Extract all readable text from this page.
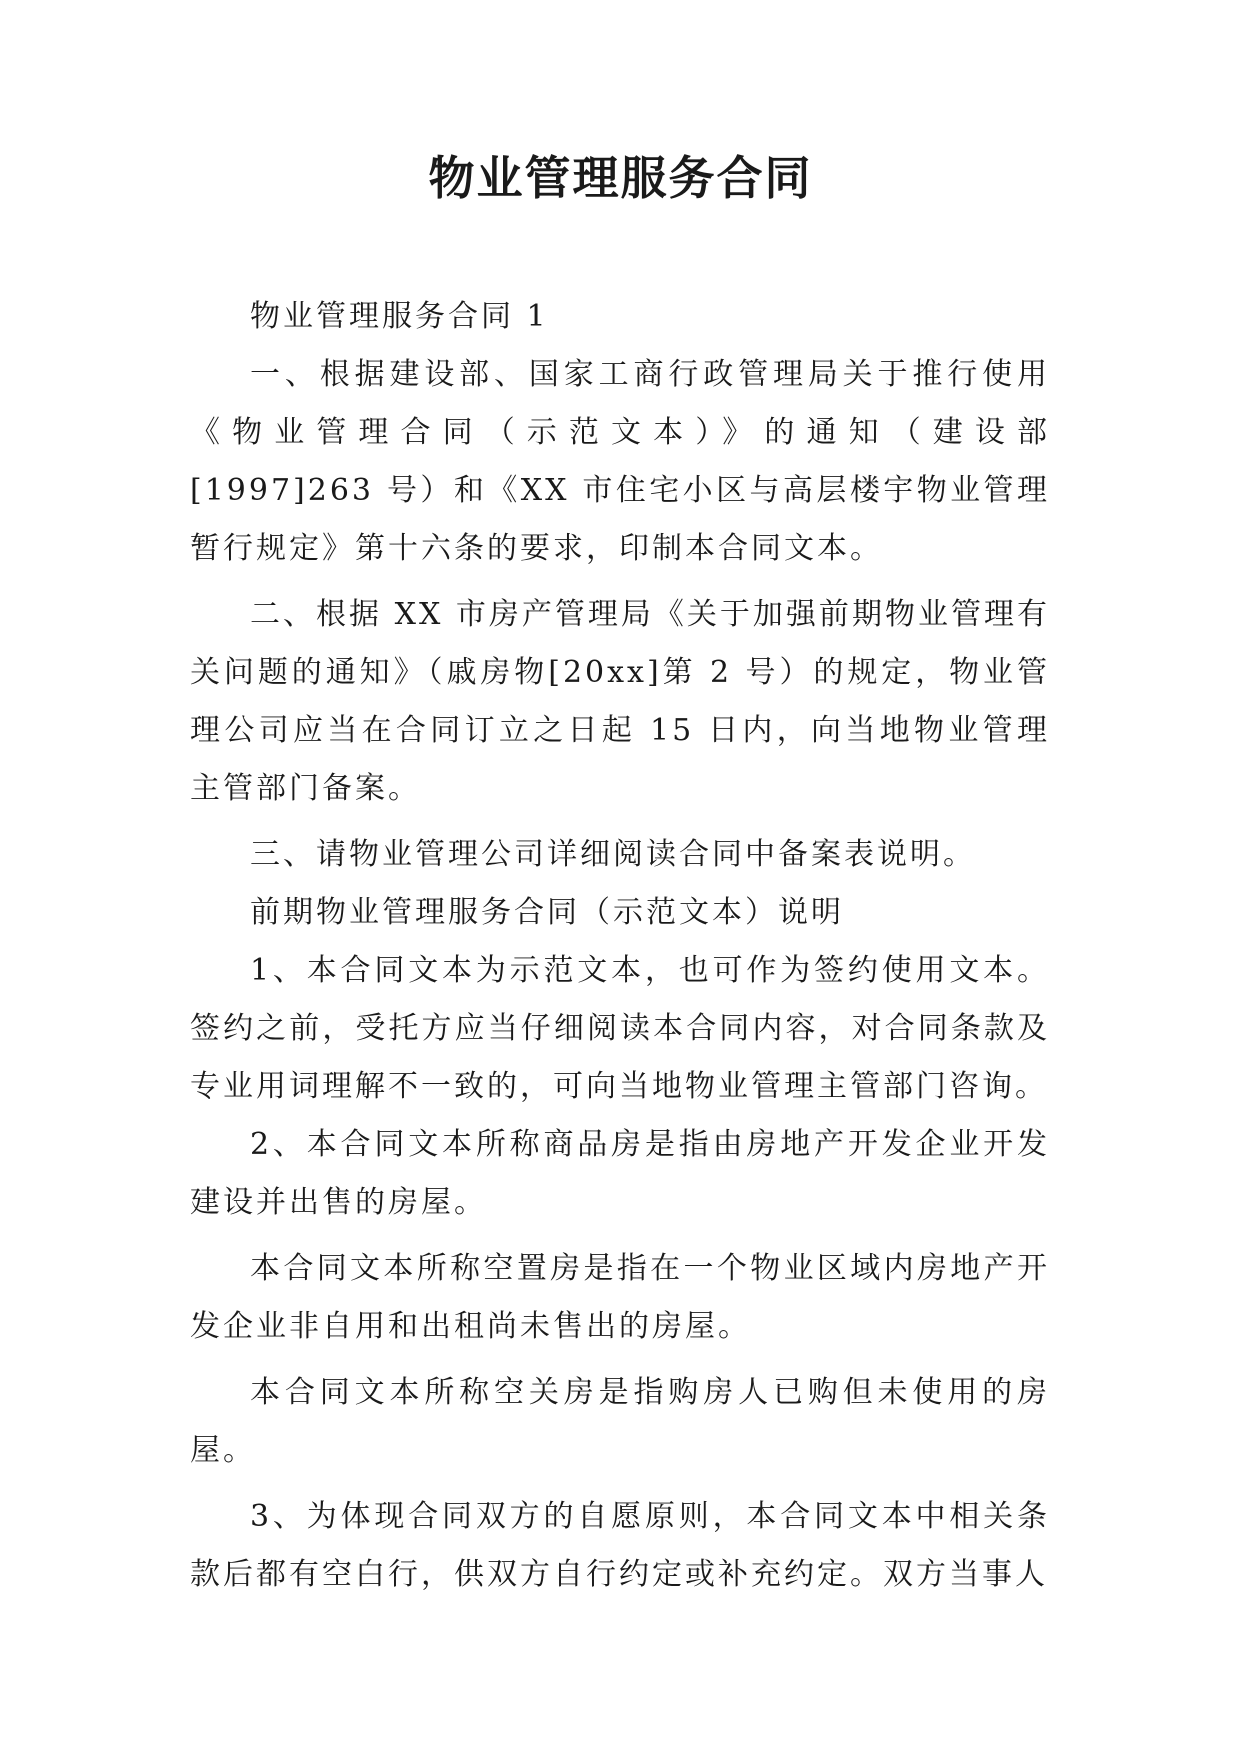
物业管理服务合同

物业管理服务合同 1

一、根据建设部、国家工商行政管理局关于推行使用《物业管理合同（示范文本）》的通知（建设部[1997]263 号）和《XX 市住宅小区与高层楼宇物业管理暂行规定》第十六条的要求，印制本合同文本。

二、根据 XX 市房产管理局《关于加强前期物业管理有关问题的通知》（戚房物[20xx]第 2 号）的规定，物业管理公司应当在合同订立之日起 15 日内，向当地物业管理主管部门备案。

三、请物业管理公司详细阅读合同中备案表说明。

前期物业管理服务合同（示范文本）说明

1、本合同文本为示范文本，也可作为签约使用文本。签约之前，受托方应当仔细阅读本合同内容，对合同条款及专业用词理解不一致的，可向当地物业管理主管部门咨询。

2、本合同文本所称商品房是指由房地产开发企业开发建设并出售的房屋。

本合同文本所称空置房是指在一个物业区域内房地产开发企业非自用和出租尚未售出的房屋。

本合同文本所称空关房是指购房人已购但未使用的房屋。

3、为体现合同双方的自愿原则，本合同文本中相关条款后都有空白行，供双方自行约定或补充约定。双方当事人
